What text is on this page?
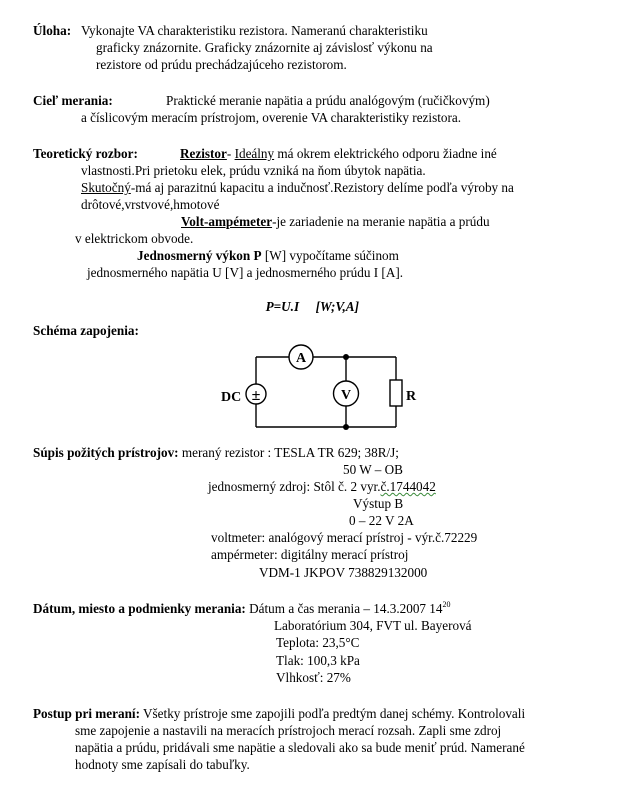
Úloha: Vykonajte VA charakteristiku rezistora. Nameranú charakteristiku
graficky znázornite. Graficky znázornite aj závislosť výkonu na
rezistore od prúdu prechádzajúceho rezistorom.
Cieľ merania:	Praktické meranie napätia a prúdu analógovým (ručičkovým)
a číslicovým meracím prístrojom, overenie VA charakteristiky rezistora.
Teoretický rozbor:	Rezistor- Ideálny má okrem elektrického odporu žiadne iné
vlastnosti.Pri prietoku elek, prúdu vzniká na ňom úbytok napätia.
Skutočný-má aj parazitnú kapacitu a indučnosť.Rezistory delíme podľa výroby na
drôtové,vrstvové,hmotové
Volt-ampémeter-je zariadenie na meranie napätia a prúdu
v elektrickom obvode.
Jednosmerný výkon P [W] vypočítame súčinom
jednosmerného napätia U [V] a jednosmerného prúdu I [A].

P=U.I     [W;V,A]

Schéma zapojenia:
A
V
±
DC	R
Súpis požitých prístrojov: meraný rezistor : TESLA TR 629; 38R/J;
50 W – OB
jednosmerný zdroj: Stôl č. 2 vyr.č.1744042
Výstup B
0 – 22 V 2A
voltmeter: analógový merací prístroj - výr.č.72229
ampérmeter: digitálny merací prístroj
VDM-1 JKPOV 738829132000
Dátum, miesto a podmienky merania: Dátum a čas merania – 14.3.2007 $14^{20}$
Laboratórium 304, FVT ul. Bayerová
Teplota: 23,5°C
Tlak: 100,3 kPa
Vlhkosť: 27%
Postup pri meraní: Všetky prístroje sme zapojili podľa predtým danej schémy. Kontrolovali
sme zapojenie a nastavili na meracích prístrojoch merací rozsah. Zapli sme zdroj
napätia a prúdu, pridávali sme napätie a sledovali ako sa bude meniť prúd. Namerané
hodnoty sme zapísali do tabuľky.
